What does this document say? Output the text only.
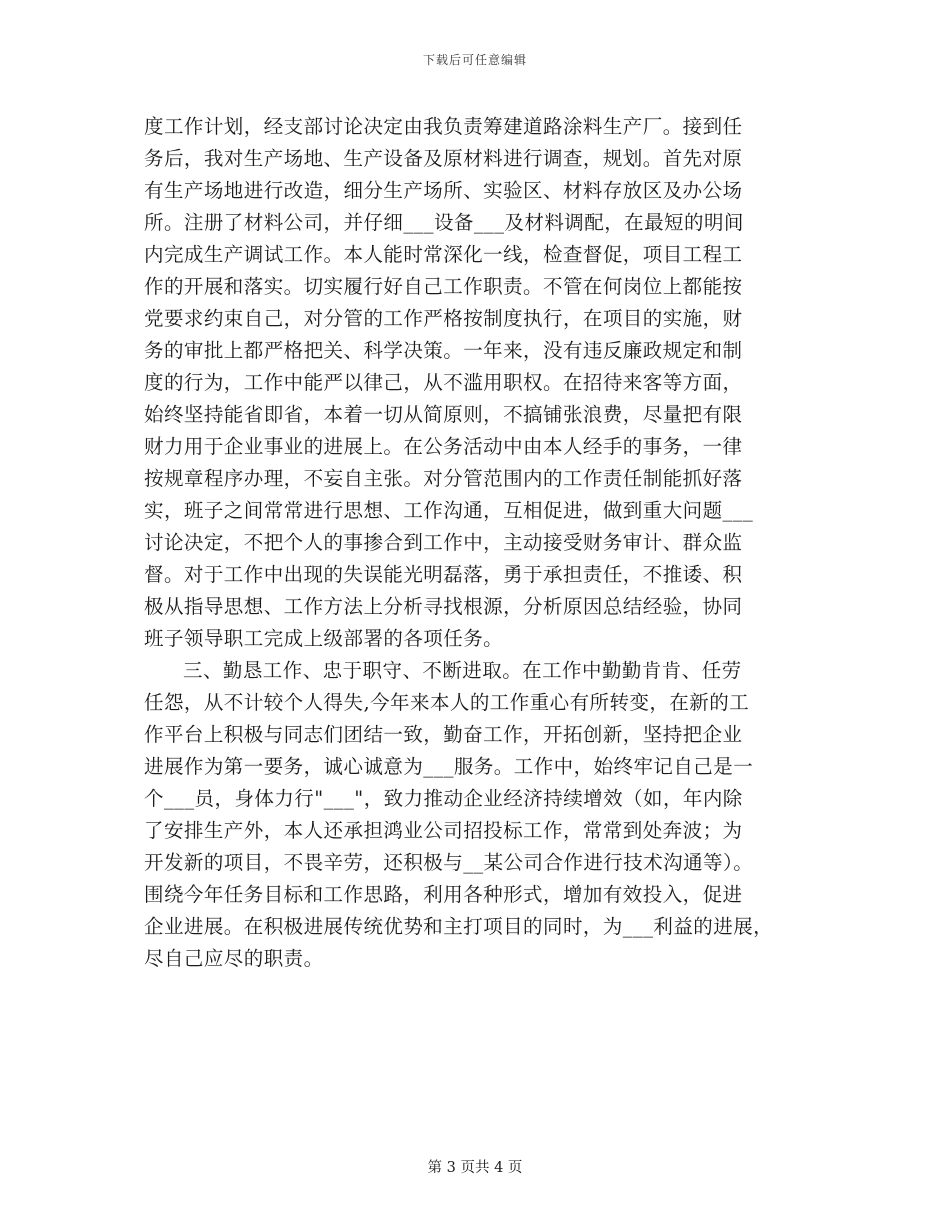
下载后可任意编辑
度工作计划，经支部讨论决定由我负责筹建道路涂料生产厂。接到任
务后，我对生产场地、生产设备及原材料进行调查，规划。首先对原
有生产场地进行改造，细分生产场所、实验区、材料存放区及办公场
所。注册了材料公司，并仔细___设备___及材料调配，在最短的明间
内完成生产调试工作。本人能时常深化一线，检查督促，项目工程工
作的开展和落实。切实履行好自己工作职责。不管在何岗位上都能按
党要求约束自己，对分管的工作严格按制度执行，在项目的实施，财
务的审批上都严格把关、科学决策。一年来，没有违反廉政规定和制
度的行为，工作中能严以律己，从不滥用职权。在招待来客等方面，
始终坚持能省即省，本着一切从简原则，不搞铺张浪费，尽量把有限
财力用于企业事业的进展上。在公务活动中由本人经手的事务，一律
按规章程序办理，不妄自主张。对分管范围内的工作责任制能抓好落
实，班子之间常常进行思想、工作沟通，互相促进，做到重大问题___
讨论决定，不把个人的事掺合到工作中，主动接受财务审计、群众监
督。对于工作中出现的失误能光明磊落，勇于承担责任，不推诿、积
极从指导思想、工作方法上分析寻找根源，分析原因总结经验，协同
班子领导职工完成上级部署的各项任务。
三、勤恳工作、忠于职守、不断进取。在工作中勤勤肯肯、任劳
任怨，从不计较个人得失,今年来本人的工作重心有所转变，在新的工
作平台上积极与同志们团结一致，勤奋工作，开拓创新，坚持把企业
进展作为第一要务，诚心诚意为___服务。工作中，始终牢记自己是一
个___员，身体力行"___"，致力推动企业经济持续增效（如，年内除
了安排生产外，本人还承担鸿业公司招投标工作，常常到处奔波；为
开发新的项目，不畏辛劳，还积极与__某公司合作进行技术沟通等）。
围绕今年任务目标和工作思路，利用各种形式，增加有效投入，促进
企业进展。在积极进展传统优势和主打项目的同时，为___利益的进展，
尽自己应尽的职责。
第 3 页共 4 页
